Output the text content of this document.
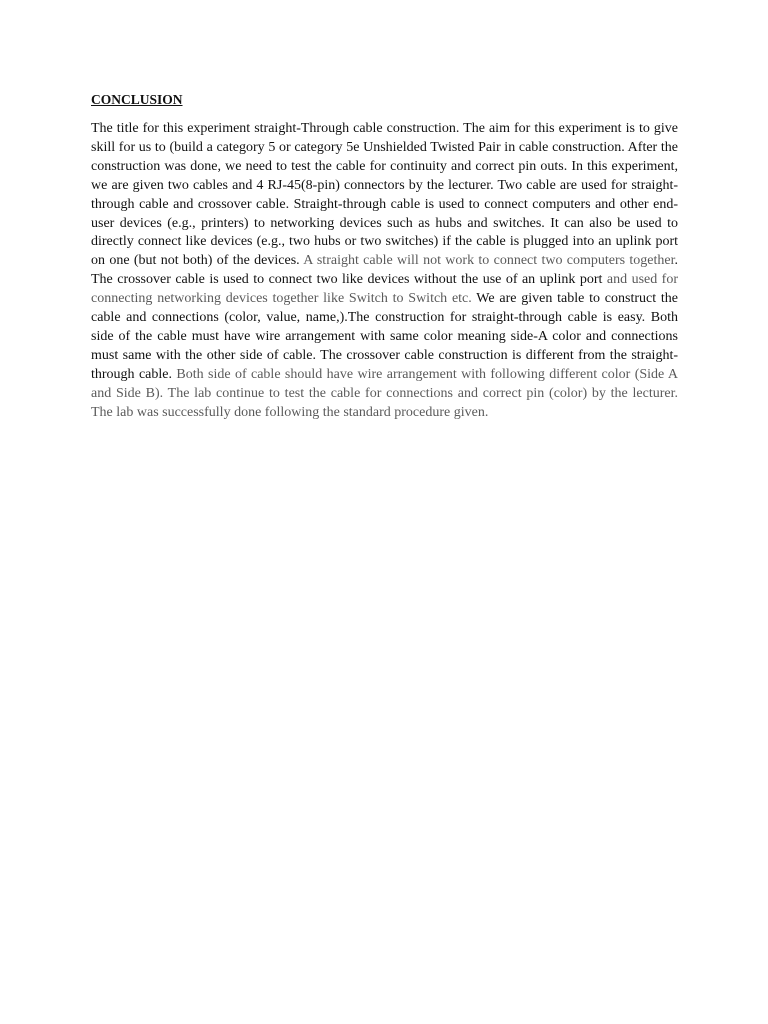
CONCLUSION

The title for this experiment straight-Through cable construction. The aim for this experiment is to give skill for us to (build a category 5 or category 5e Unshielded Twisted Pair in cable construction. After the construction was done, we need to test the cable for continuity and correct pin outs. In this experiment, we are given two cables and 4 RJ-45(8-pin) connectors by the lecturer. Two cable are used for straight-through cable and crossover cable. Straight-through cable is used to connect computers and other end-user devices (e.g., printers) to networking devices such as hubs and switches. It can also be used to directly connect like devices (e.g., two hubs or two switches) if the cable is plugged into an uplink port on one (but not both) of the devices. A straight cable will not work to connect two computers together. The crossover cable is used to connect two like devices without the use of an uplink port and used for connecting networking devices together like Switch to Switch etc. We are given table to construct the cable and connections (color, value, name,).The construction for straight-through cable is easy. Both side of the cable must have wire arrangement with same color meaning side-A color and connections must same with the other side of cable. The crossover cable construction is different from the straight-through cable. Both side of cable should have wire arrangement with following different color (Side A and Side B). The lab continue to test the cable for connections and correct pin (color) by the lecturer. The lab was successfully done following the standard procedure given.
